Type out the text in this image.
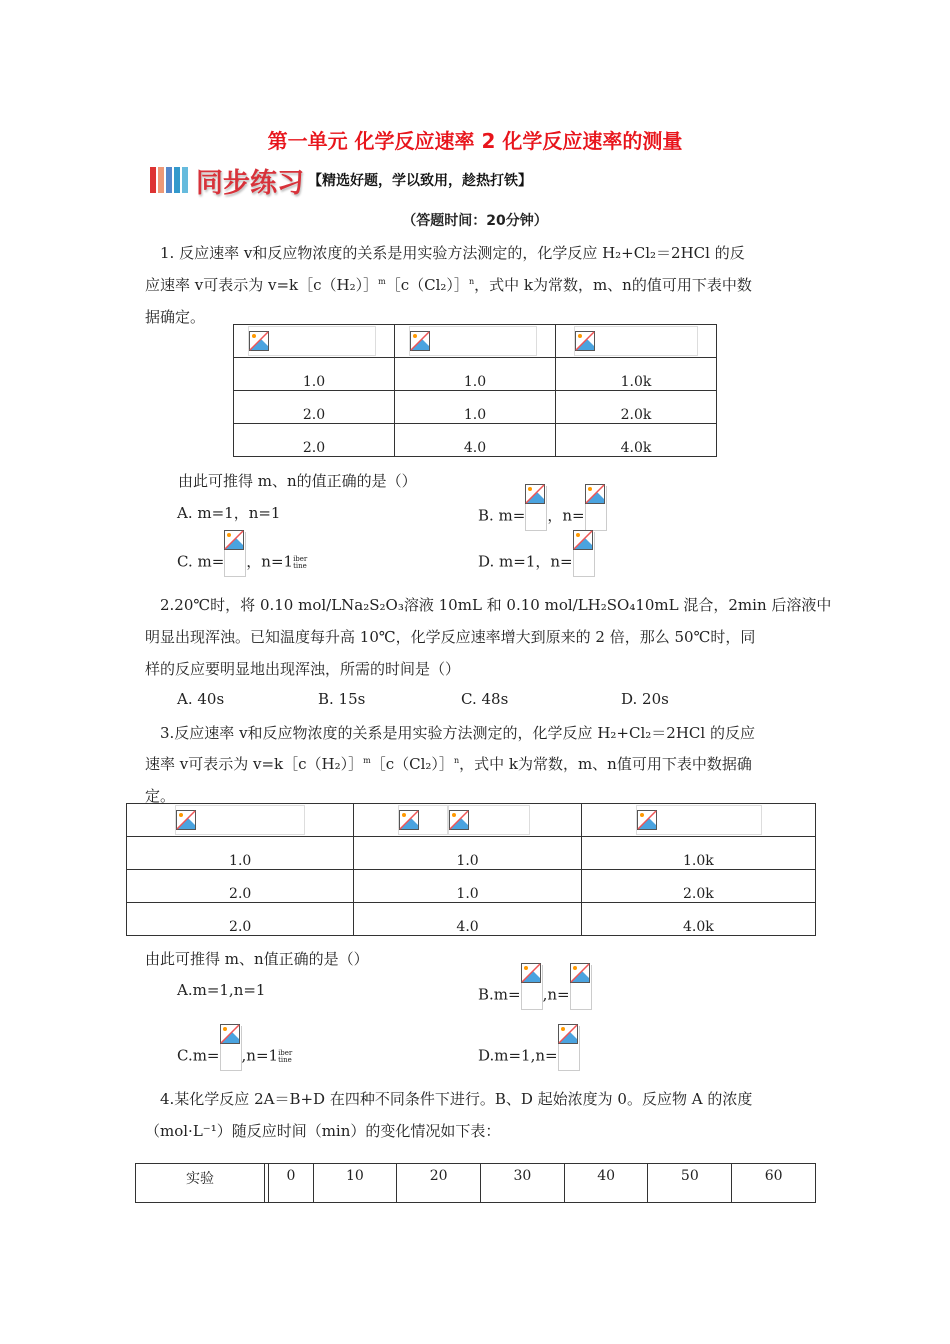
第一单元 化学反应速率 2 化学反应速率的测量
同步练习 【精选好题，学以致用，趁热打铁】
（答题时间：20分钟）
1. 反应速率 v和反应物浓度的关系是用实验方法测定的，化学反应 H₂+Cl₂＝2HCl 的反
应速率 v可表示为 v=k［c（H₂）］$^m$［c（Cl₂）］$^n$，式中 k为常数，m、n的值可用下表中数
据确定。

1.0	1.0	1.0k
2.0	1.0	2.0k
2.0	4.0	4.0k
由此可推得 m、n的值正确的是（）
A. m=1，n=1	B. m= ，n=
C. m= ，n=1iber
tine	D. m=1，n=
2.20℃时，将 0.10 mol/LNa₂S₂O₃溶液 10mL 和 0.10 mol/LH₂SO₄10mL 混合，2min 后溶液中
明显出现浑浊。已知温度每升高 10℃，化学反应速率增大到原来的 2 倍，那么 50℃时，同
样的反应要明显地出现浑浊，所需的时间是（）
A. 40s	B. 15s	C. 48s	D. 20s
3.反应速率 v和反应物浓度的关系是用实验方法测定的，化学反应 H₂+Cl₂＝2HCl 的反应
速率 v可表示为 v=k［c（H₂）］$^m$［c（Cl₂）］$^n$，式中 k为常数，m、n值可用下表中数据确
定。

1.0	1.0	1.0k
2.0	1.0	2.0k
2.0	4.0	4.0k
由此可推得 m、n值正确的是（）
A.m=1,n=1	B.m= ,n=
C.m= ,n=1iber
tine	D.m=1,n=
4.某化学反应 2A＝B+D 在四种不同条件下进行。B、D 起始浓度为 0。反应物 A 的浓度
（mol·L⁻¹）随反应时间（min）的变化情况如下表：
实验		0	10	20	30	40	50	60
